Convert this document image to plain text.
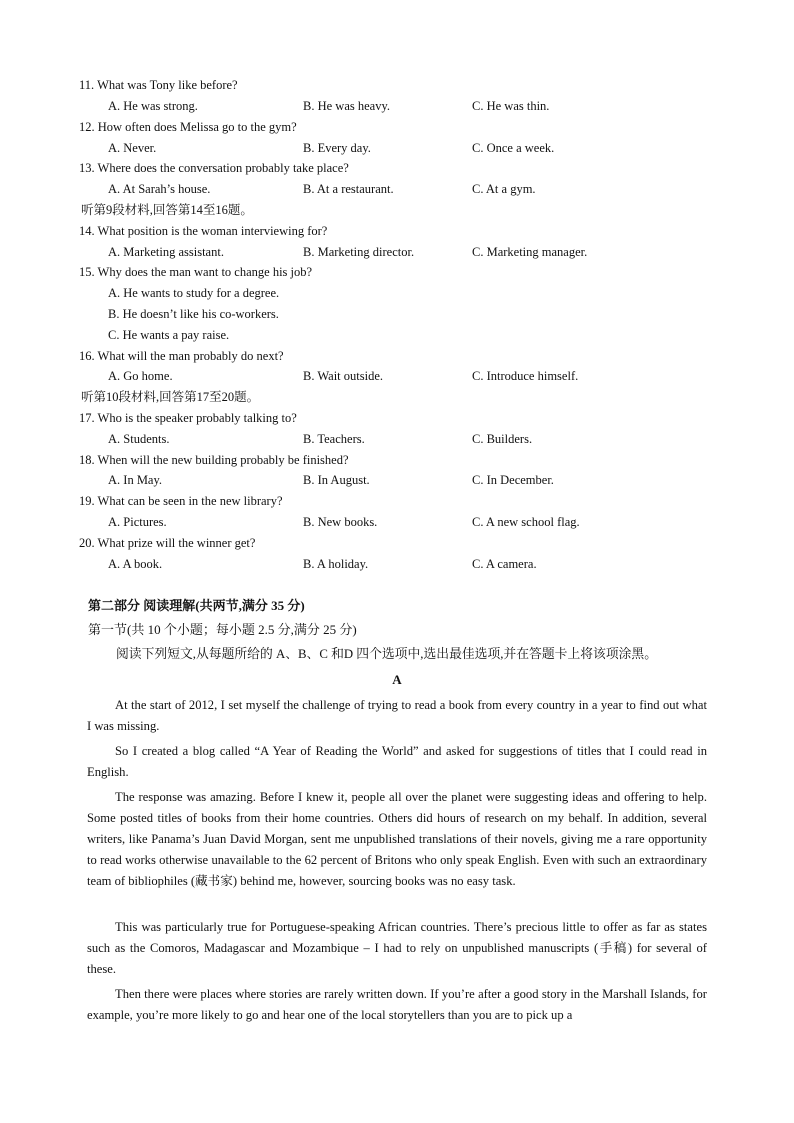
11. What was Tony like before?
A. He was strong.	B. He was heavy.	C. He was thin.
12. How often does Melissa go to the gym?
A. Never.	B. Every day.	C. Once a week.
13. Where does the conversation probably take place?
A. At Sarah’s house.	B. At a restaurant.	C. At a gym.
听第9段材料,回答第14至16题。
14. What position is the woman interviewing for?
A. Marketing assistant.	B. Marketing director.	C. Marketing manager.
15. Why does the man want to change his job?
A. He wants to study for a degree.
B. He doesn’t like his co-workers.
C. He wants a pay raise.
16. What will the man probably do next?
A. Go home.	B. Wait outside.	C. Introduce himself.
听第10段材料,回答第17至20题。
17. Who is the speaker probably talking to?
A. Students.	B. Teachers.	C. Builders.
18. When will the new building probably be finished?
A. In May.	B. In August.	C. In December.
19. What can be seen in the new library?
A. Pictures.	B. New books.	C. A new school flag.
20. What prize will the winner get?
A. A book.	B. A holiday.	C. A camera.
第二部分 阅读理解(共两节,满分 35 分)
第一节(共 10 个小题；每小题 2.5 分,满分 25 分)
阅读下列短文,从每题所给的 A、B、C 和D 四个选项中,选出最佳选项,并在答题卡上将该项涂黑。
A

At the start of 2012, I set myself the challenge of trying to read a book from every country in a year to find out what I was missing.

So I created a blog called “A Year of Reading the World” and asked for suggestions of titles that I could read in English.

The response was amazing. Before I knew it, people all over the planet were suggesting ideas and offering to help. Some posted titles of books from their home countries. Others did hours of research on my behalf. In addition, several writers, like Panama’s Juan David Morgan, sent me unpublished translations of their novels, giving me a rare opportunity to read works otherwise unavailable to the 62 percent of Britons who only speak English. Even with such an extraordinary team of bibliophiles (藏书家) behind me, however, sourcing books was no easy task.

This was particularly true for Portuguese-speaking African countries. There’s precious little to offer as far as states such as the Comoros, Madagascar and Mozambique – I had to rely on unpublished manuscripts (手稿) for several of these.

Then there were places where stories are rarely written down. If you’re after a good story in the Marshall Islands, for example, you’re more likely to go and hear one of the local storytellers than you are to pick up a
